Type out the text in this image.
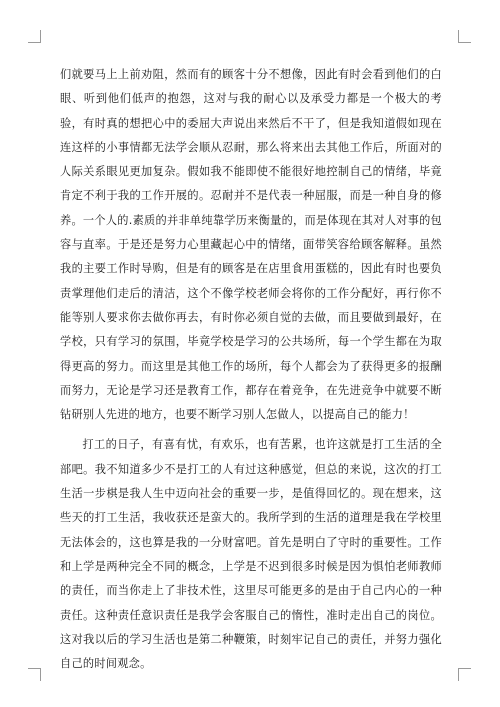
们就要马上上前劝阻，然而有的顾客十分不想像，因此有时会看到他们的白眼、听到他们低声的抱怨，这对与我的耐心以及承受力都是一个极大的考验，有时真的想把心中的委屈大声说出来然后不干了，但是我知道假如现在连这样的小事情都无法学会顺从忍耐，那么将来出去其他工作后，所面对的人际关系眼见更加复杂。假如我不能即使不能很好地控制自己的情绪，毕竟肯定不利于我的工作开展的。忍耐并不是代表一种屈服，而是一种自身的修养。一个人的.素质的并非单纯靠学历来衡量的，而是体现在其对人对事的包容与直率。于是还是努力心里藏起心中的情绪，面带笑容给顾客解释。虽然我的主要工作时导购，但是有的顾客是在店里食用蛋糕的，因此有时也要负责掌理他们走后的清洁，这个不像学校老师会将你的工作分配好，再行你不能等别人要求你去做你再去，有时你必须自觉的去做，而且要做到最好，在学校，只有学习的氛围，毕竟学校是学习的公共场所，每一个学生都在为取得更高的努力。而这里是其他工作的场所，每个人都会为了获得更多的报酬而努力，无论是学习还是教育工作，都存在着竞争，在先进竞争中就要不断钻研别人先进的地方，也要不断学习别人怎做人，以提高自己的能力！

打工的日子，有喜有忧，有欢乐，也有苦累，也许这就是打工生活的全部吧。我不知道多少不是打工的人有过这种感觉，但总的来说，这次的打工生活一步棋是我人生中迈向社会的重要一步，是值得回忆的。现在想来，这些天的打工生活，我收获还是蛮大的。我所学到的生活的道理是我在学校里无法体会的，这也算是我的一分财富吧。首先是明白了守时的重要性。工作和上学是两种完全不同的概念，上学是不迟到很多时候是因为惧怕老师教师的责任，而当你走上了非技术性，这里尽可能更多的是由于自己内心的一种责任。这种责任意识责任是我学会客服自己的惰性，准时走出自己的岗位。这对我以后的学习生活也是第二种鞭策，时刻牢记自己的责任，并努力强化自己的时间观念。
